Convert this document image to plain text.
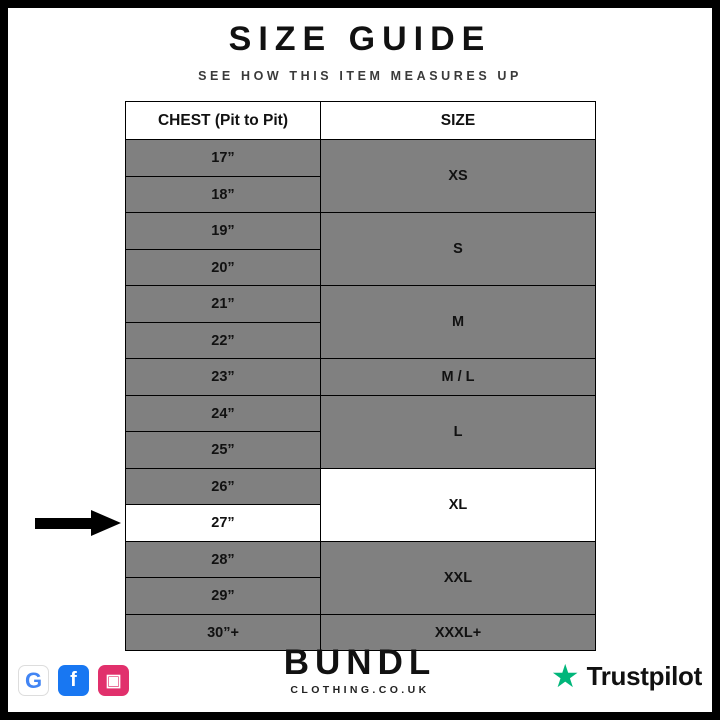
SIZE GUIDE
SEE HOW THIS ITEM MEASURES UP
CHEST (Pit to Pit)	SIZE
17”	XS
18”	
19”	S
20”	
21”	M
22”	
23”	M / L
24”	L
25”	
26”	XL
27”	
28”	XXL
29”	
30”+	XXXL+
G	f	▣	BUNDL
CLOTHING.CO.UK	★ Trustpilot
